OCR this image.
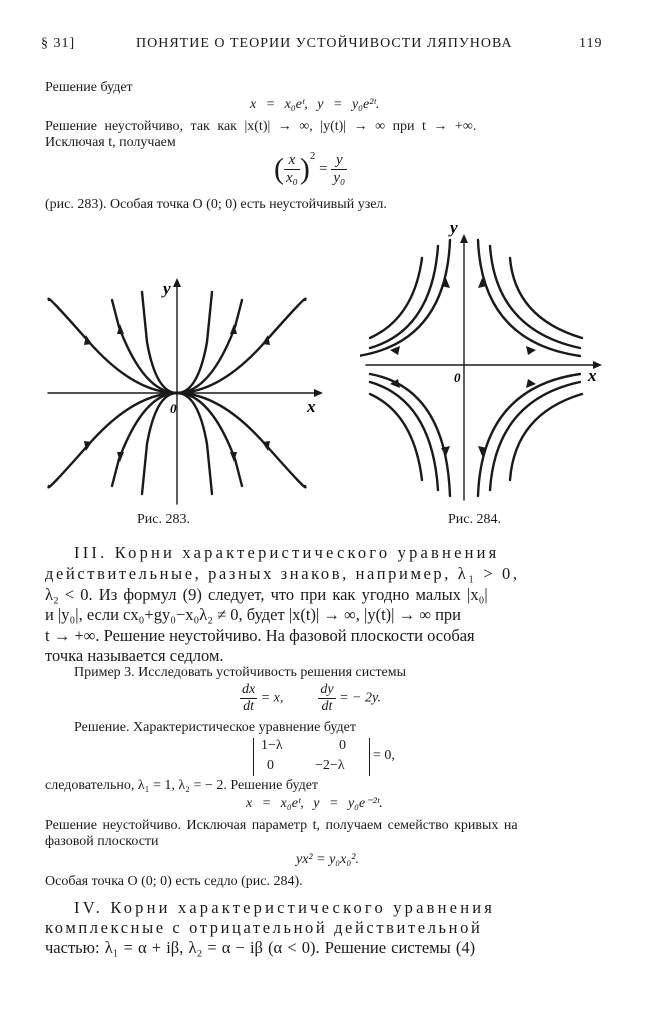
§ 31]	ПОНЯТИЕ О ТЕОРИИ УСТОЙЧИВОСТИ ЛЯПУНОВА	119
Решение будет
x = x₀eᵗ, y = y₀e²ᵗ.
Решение неустойчиво, так как |x(t)| → ∞, |y(t)| → ∞ при t → +∞.
Исключая t, получаем
( $\frac{x}{\text{x₀}} )^2 = \frac{y}{\text{y₀}}$
(рис. 283). Особая точка O (0; 0) есть неустойчивый узел.
y
x
0
y
x
0
Рис. 283.	Рис. 284.
III. Корни характеристического уравнения
действительные, разных знаков, например, λ₁ > 0,
λ₂ < 0. Из формул (9) следует, что при как угодно малых |x₀|
и |y₀|, если cx₀+gy₀−x₀λ₂ ≠ 0, будет |x(t)| → ∞, |y(t)| → ∞ при
t → +∞. Решение неустойчиво. На фазовой плоскости особая
точка называется седлом.
Пример 3. Исследовать устойчивость решения системы
$\frac{dx}{dt} = x$,	$\frac{dy}{dt}$ = − 2y.
Решение. Характеристическое уравнение будет
1−λ	0
0	−2−λ
= 0,
следовательно, λ₁ = 1, λ₂ = − 2. Решение будет
x = x₀eᵗ, y = y₀e⁻²ᵗ.
Решение неустойчиво. Исключая параметр t, получаем семейство кривых на
фазовой плоскости
yx² = y₀x₀².
Особая точка O (0; 0) есть седло (рис. 284).
IV. Корни характеристического уравнения
комплексные с отрицательной действительной
частью: λ₁ = α + iβ, λ₂ = α − iβ (α < 0). Решение системы (4)
